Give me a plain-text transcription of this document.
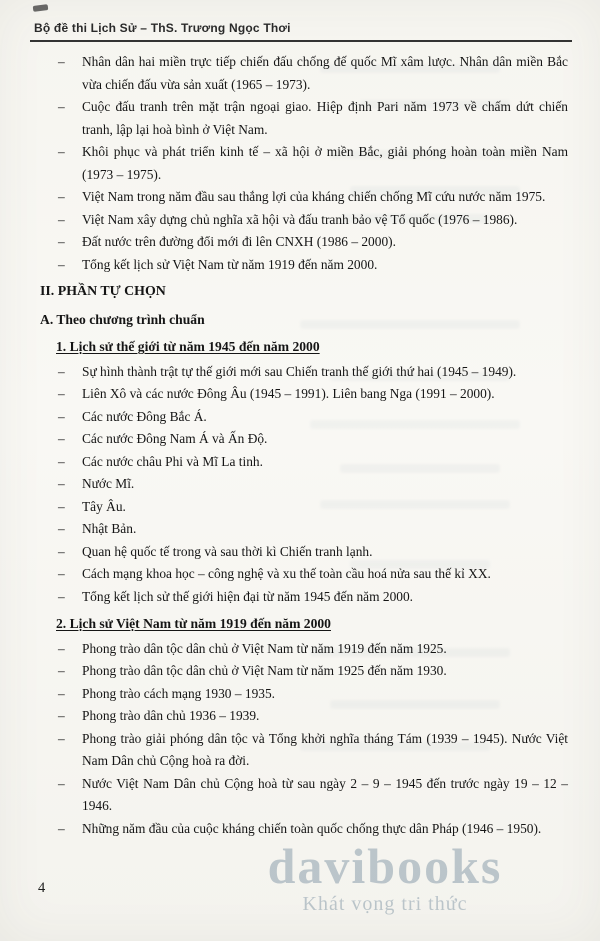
Bộ đề thi Lịch Sử – ThS. Trương Ngọc Thơi
–	Nhân dân hai miền trực tiếp chiến đấu chống đế quốc Mĩ xâm lược. Nhân dân miền Bắc vừa chiến đấu vừa sản xuất (1965 – 1973).
–	Cuộc đấu tranh trên mặt trận ngoại giao. Hiệp định Pari năm 1973 về chấm dứt chiến tranh, lập lại hoà bình ở Việt Nam.
–	Khôi phục và phát triển kinh tế – xã hội ở miền Bắc, giải phóng hoàn toàn miền Nam (1973 – 1975).
–	Việt Nam trong năm đầu sau thắng lợi của kháng chiến chống Mĩ cứu nước năm 1975.
–	Việt Nam xây dựng chủ nghĩa xã hội và đấu tranh bảo vệ Tổ quốc (1976 – 1986).
–	Đất nước trên đường đổi mới đi lên CNXH (1986 – 2000).
–	Tổng kết lịch sử Việt Nam từ năm 1919 đến năm 2000.
II. PHẦN TỰ CHỌN
A. Theo chương trình chuẩn
1. Lịch sử thế giới từ năm 1945 đến năm 2000
–	Sự hình thành trật tự thế giới mới sau Chiến tranh thế giới thứ hai (1945 – 1949).
–	Liên Xô và các nước Đông Âu (1945 – 1991). Liên bang Nga (1991 – 2000).
–	Các nước Đông Bắc Á.
–	Các nước Đông Nam Á và Ấn Độ.
–	Các nước châu Phi và Mĩ La tinh.
–	Nước Mĩ.
–	Tây Âu.
–	Nhật Bản.
–	Quan hệ quốc tế trong và sau thời kì Chiến tranh lạnh.
–	Cách mạng khoa học – công nghệ và xu thế toàn cầu hoá nửa sau thế kỉ XX.
–	Tổng kết lịch sử thế giới hiện đại từ năm 1945 đến năm 2000.
2. Lịch sử Việt Nam từ năm 1919 đến năm 2000
–	Phong trào dân tộc dân chủ ở Việt Nam từ năm 1919 đến năm 1925.
–	Phong trào dân tộc dân chủ ở Việt Nam từ năm 1925 đến năm 1930.
–	Phong trào cách mạng 1930 – 1935.
–	Phong trào dân chủ 1936 – 1939.
–	Phong trào giải phóng dân tộc và Tổng khởi nghĩa tháng Tám (1939 – 1945). Nước Việt Nam Dân chủ Cộng hoà ra đời.
–	Nước Việt Nam Dân chủ Cộng hoà từ sau ngày 2 – 9 – 1945 đến trước ngày 19 – 12 – 1946.
–	Những năm đầu của cuộc kháng chiến toàn quốc chống thực dân Pháp (1946 – 1950).
davibooks
Khát vọng tri thức
4
